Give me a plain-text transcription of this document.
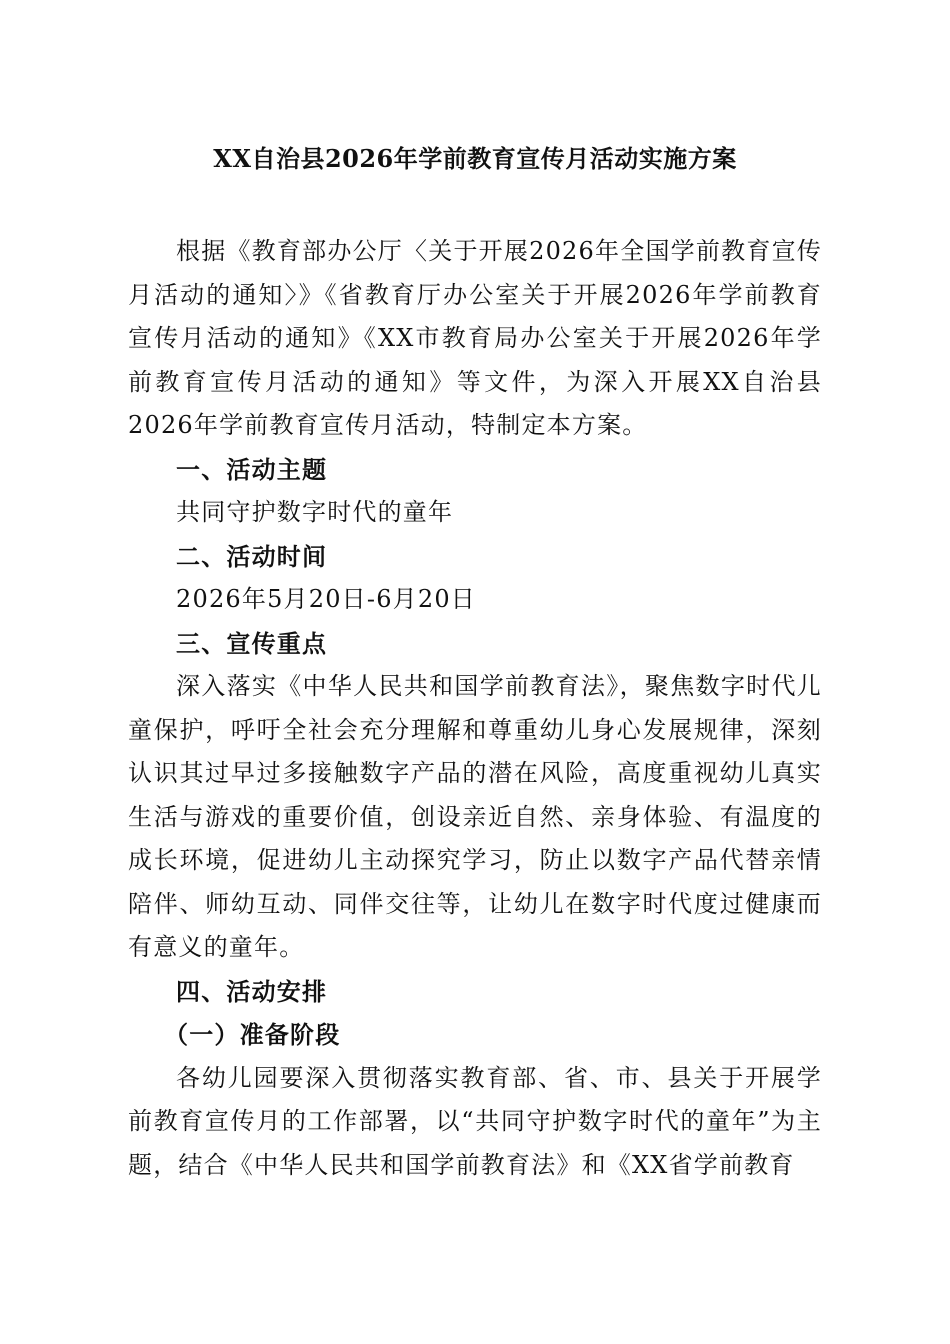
XX自治县2026年学前教育宣传月活动实施方案

根据《教育部办公厅〈关于开展2026年全国学前教育宣传月活动的通知〉》《省教育厅办公室关于开展2026年学前教育宣传月活动的通知》《XX市教育局办公室关于开展2026年学前教育宣传月活动的通知》等文件，为深入开展XX自治县2026年学前教育宣传月活动，特制定本方案。

一、活动主题

共同守护数字时代的童年

二、活动时间

2026年5月20日-6月20日

三、宣传重点

深入落实《中华人民共和国学前教育法》，聚焦数字时代儿童保护，呼吁全社会充分理解和尊重幼儿身心发展规律，深刻认识其过早过多接触数字产品的潜在风险，高度重视幼儿真实生活与游戏的重要价值，创设亲近自然、亲身体验、有温度的成长环境，促进幼儿主动探究学习，防止以数字产品代替亲情陪伴、师幼互动、同伴交往等，让幼儿在数字时代度过健康而有意义的童年。

四、活动安排

（一）准备阶段

各幼儿园要深入贯彻落实教育部、省、市、县关于开展学前教育宣传月的工作部署，以“共同守护数字时代的童年”为主题，结合《中华人民共和国学前教育法》和《XX省学前教育
